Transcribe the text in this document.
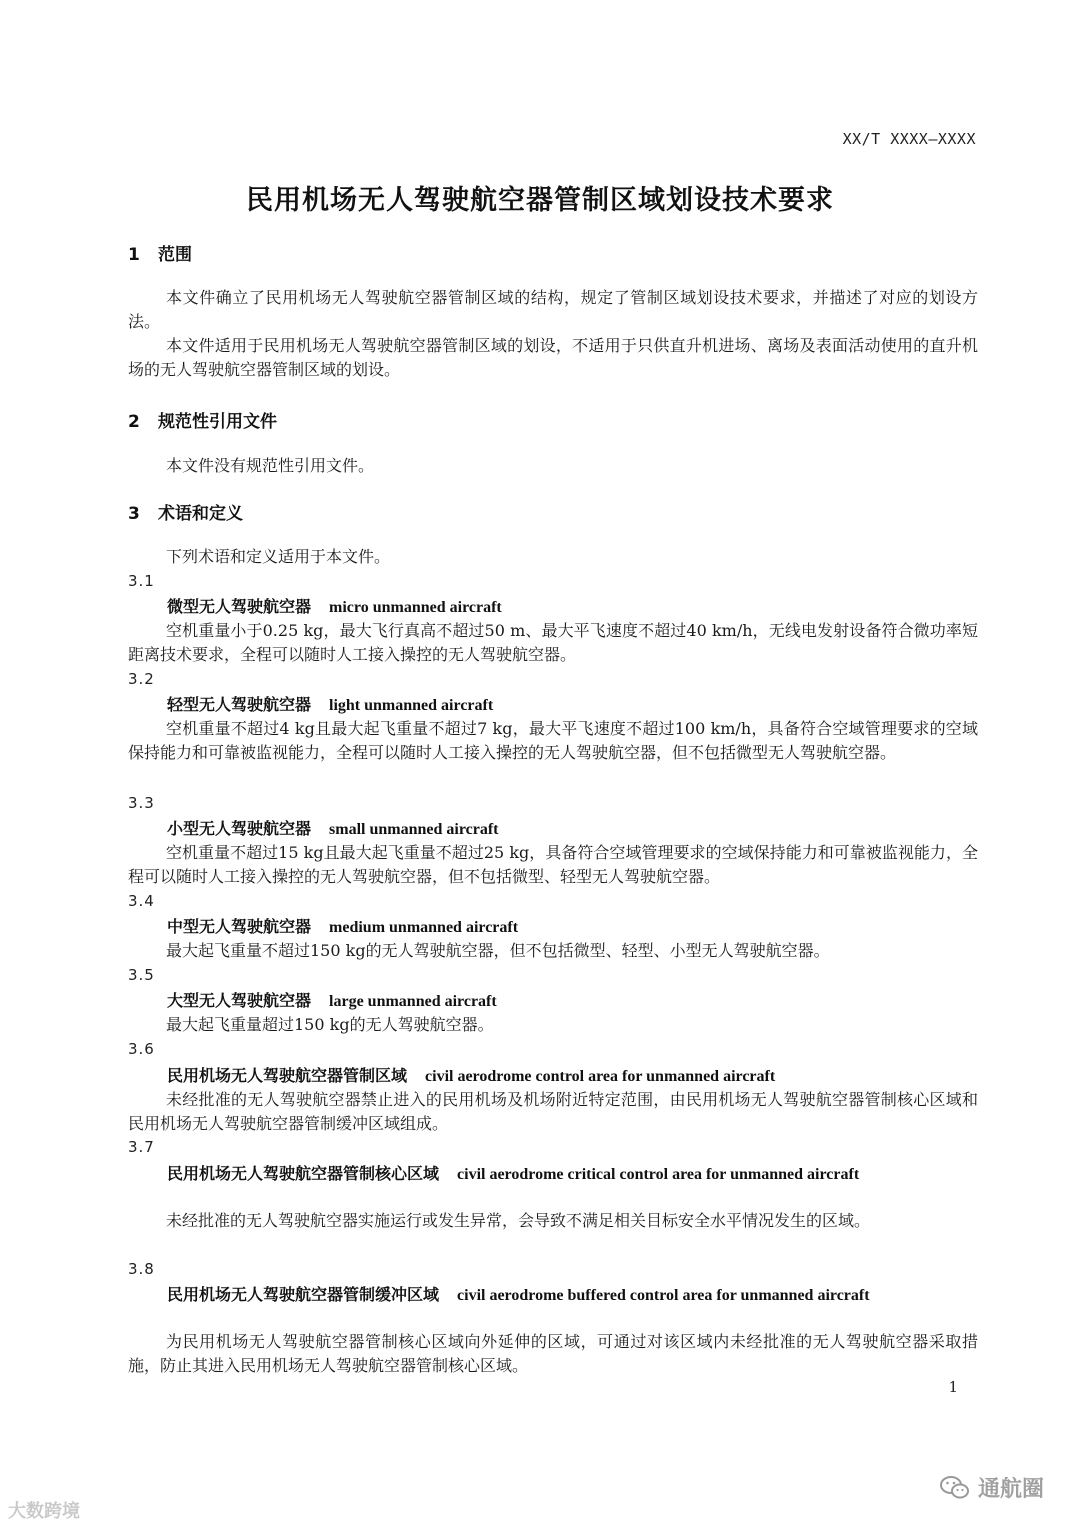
XX/T XXXX—XXXX
民用机场无人驾驶航空器管制区域划设技术要求
1 范围
本文件确立了民用机场无人驾驶航空器管制区域的结构，规定了管制区域划设技术要求，并描述了对应的划设方法。
本文件适用于民用机场无人驾驶航空器管制区域的划设，不适用于只供直升机进场、离场及表面活动使用的直升机场的无人驾驶航空器管制区域的划设。
2 规范性引用文件
本文件没有规范性引用文件。
3 术语和定义
下列术语和定义适用于本文件。
3.1
微型无人驾驶航空器 micro unmanned aircraft
空机重量小于0.25 kg，最大飞行真高不超过50 m、最大平飞速度不超过40 km/h，无线电发射设备符合微功率短距离技术要求，全程可以随时人工接入操控的无人驾驶航空器。
3.2
轻型无人驾驶航空器 light unmanned aircraft
空机重量不超过4 kg且最大起飞重量不超过7 kg，最大平飞速度不超过100 km/h，具备符合空域管理要求的空域保持能力和可靠被监视能力，全程可以随时人工接入操控的无人驾驶航空器，但不包括微型无人驾驶航空器。
3.3
小型无人驾驶航空器 small unmanned aircraft
空机重量不超过15 kg且最大起飞重量不超过25 kg，具备符合空域管理要求的空域保持能力和可靠被监视能力，全程可以随时人工接入操控的无人驾驶航空器，但不包括微型、轻型无人驾驶航空器。
3.4
中型无人驾驶航空器 medium unmanned aircraft
最大起飞重量不超过150 kg的无人驾驶航空器，但不包括微型、轻型、小型无人驾驶航空器。
3.5
大型无人驾驶航空器 large unmanned aircraft
最大起飞重量超过150 kg的无人驾驶航空器。
3.6
民用机场无人驾驶航空器管制区域 civil aerodrome control area for unmanned aircraft
未经批准的无人驾驶航空器禁止进入的民用机场及机场附近特定范围，由民用机场无人驾驶航空器管制核心区域和民用机场无人驾驶航空器管制缓冲区域组成。
3.7
民用机场无人驾驶航空器管制核心区域 civil aerodrome critical control area for unmanned aircraft
未经批准的无人驾驶航空器实施运行或发生异常，会导致不满足相关目标安全水平情况发生的区域。
3.8
民用机场无人驾驶航空器管制缓冲区域 civil aerodrome buffered control area for unmanned aircraft
为民用机场无人驾驶航空器管制核心区域向外延伸的区域，可通过对该区域内未经批准的无人驾驶航空器采取措施，防止其进入民用机场无人驾驶航空器管制核心区域。
1
大数跨境
通航圈
